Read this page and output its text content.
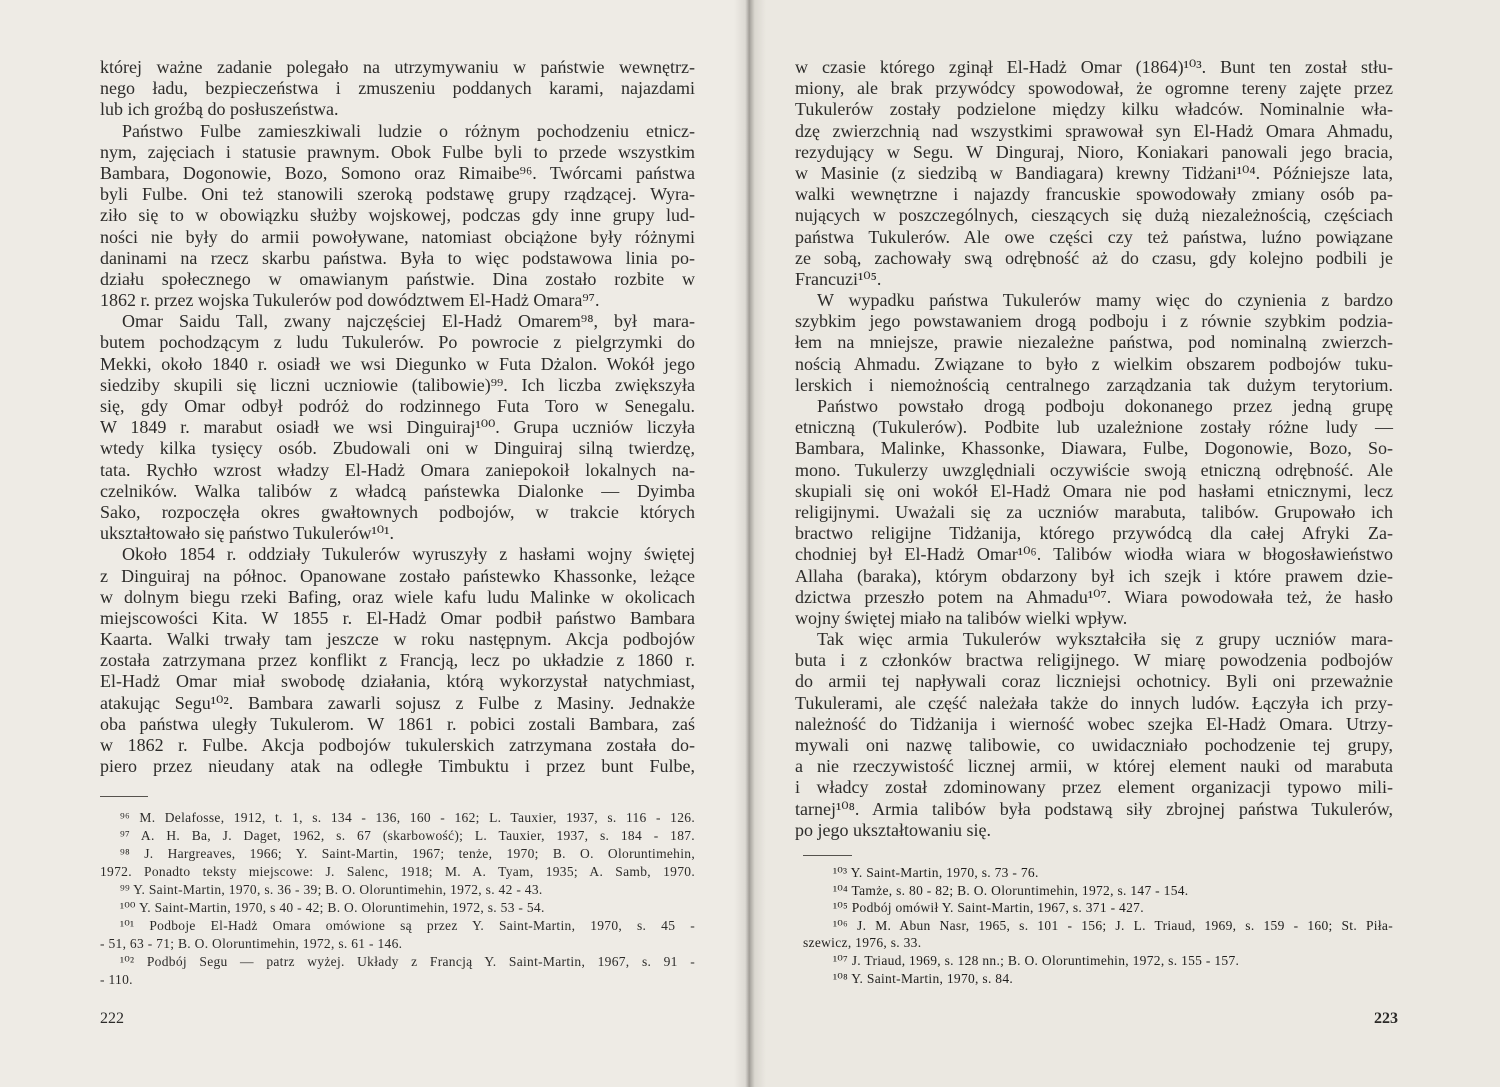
której ważne zadanie polegało na utrzymywaniu w państwie wewnętrz-
nego ładu, bezpieczeństwa i zmuszeniu poddanych karami, najazdami
lub ich groźbą do posłuszeństwa.
Państwo Fulbe zamieszkiwali ludzie o różnym pochodzeniu etnicz-
nym, zajęciach i statusie prawnym. Obok Fulbe byli to przede wszystkim
Bambara, Dogonowie, Bozo, Somono oraz Rimaibe⁹⁶. Twórcami państwa
byli Fulbe. Oni też stanowili szeroką podstawę grupy rządzącej. Wyra-
ziło się to w obowiązku służby wojskowej, podczas gdy inne grupy lud-
ności nie były do armii powoływane, natomiast obciążone były różnymi
daninami na rzecz skarbu państwa. Była to więc podstawowa linia po-
działu społecznego w omawianym państwie. Dina zostało rozbite w
1862 r. przez wojska Tukulerów pod dowództwem El-Hadż Omara⁹⁷.
Omar Saidu Tall, zwany najczęściej El-Hadż Omarem⁹⁸, był mara-
butem pochodzącym z ludu Tukulerów. Po powrocie z pielgrzymki do
Mekki, około 1840 r. osiadł we wsi Diegunko w Futa Dżalon. Wokół jego
siedziby skupili się liczni uczniowie (talibowie)⁹⁹. Ich liczba zwiększyła
się, gdy Omar odbył podróż do rodzinnego Futa Toro w Senegalu.
W 1849 r. marabut osiadł we wsi Dinguiraj¹⁰⁰. Grupa uczniów liczyła
wtedy kilka tysięcy osób. Zbudowali oni w Dinguiraj silną twierdzę,
tata. Rychło wzrost władzy El-Hadż Omara zaniepokoił lokalnych na-
czelników. Walka talibów z władcą państewka Dialonke — Dyimba
Sako, rozpoczęła okres gwałtownych podbojów, w trakcie których
ukształtowało się państwo Tukulerów¹⁰¹.
Około 1854 r. oddziały Tukulerów wyruszyły z hasłami wojny świętej
z Dinguiraj na północ. Opanowane zostało państewko Khassonke, leżące
w dolnym biegu rzeki Bafing, oraz wiele kafu ludu Malinke w okolicach
miejscowości Kita. W 1855 r. El-Hadż Omar podbił państwo Bambara
Kaarta. Walki trwały tam jeszcze w roku następnym. Akcja podbojów
została zatrzymana przez konflikt z Francją, lecz po układzie z 1860 r.
El-Hadż Omar miał swobodę działania, którą wykorzystał natychmiast,
atakując Segu¹⁰². Bambara zawarli sojusz z Fulbe z Masiny. Jednakże
oba państwa uległy Tukulerom. W 1861 r. pobici zostali Bambara, zaś
w 1862 r. Fulbe. Akcja podbojów tukulerskich zatrzymana została do-
piero przez nieudany atak na odległe Timbuktu i przez bunt Fulbe,
⁹⁶ M. Delafosse, 1912, t. 1, s. 134 - 136, 160 - 162; L. Tauxier, 1937, s. 116 - 126.
⁹⁷ A. H. Ba, J. Daget, 1962, s. 67 (skarbowość); L. Tauxier, 1937, s. 184 - 187.
⁹⁸ J. Hargreaves, 1966; Y. Saint-Martin, 1967; tenże, 1970; B. O. Oloruntimehin,
1972. Ponadto teksty miejscowe: J. Salenc, 1918; M. A. Tyam, 1935; A. Samb, 1970.
⁹⁹ Y. Saint-Martin, 1970, s. 36 - 39; B. O. Oloruntimehin, 1972, s. 42 - 43.
¹⁰⁰ Y. Saint-Martin, 1970, s 40 - 42; B. O. Oloruntimehin, 1972, s. 53 - 54.
¹⁰¹ Podboje El-Hadż Omara omówione są przez Y. Saint-Martin, 1970, s. 45 -
- 51, 63 - 71; B. O. Oloruntimehin, 1972, s. 61 - 146.
¹⁰² Podbój Segu — patrz wyżej. Układy z Francją Y. Saint-Martin, 1967, s. 91 -
- 110.
222
w czasie którego zginął El-Hadż Omar (1864)¹⁰³. Bunt ten został stłu-
miony, ale brak przywódcy spowodował, że ogromne tereny zajęte przez
Tukulerów zostały podzielone między kilku władców. Nominalnie wła-
dzę zwierzchnią nad wszystkimi sprawował syn El-Hadż Omara Ahmadu,
rezydujący w Segu. W Dinguraj, Nioro, Koniakari panowali jego bracia,
w Masinie (z siedzibą w Bandiagara) krewny Tidżani¹⁰⁴. Późniejsze lata,
walki wewnętrzne i najazdy francuskie spowodowały zmiany osób pa-
nujących w poszczególnych, cieszących się dużą niezależnością, częściach
państwa Tukulerów. Ale owe części czy też państwa, luźno powiązane
ze sobą, zachowały swą odrębność aż do czasu, gdy kolejno podbili je
Francuzi¹⁰⁵.
W wypadku państwa Tukulerów mamy więc do czynienia z bardzo
szybkim jego powstawaniem drogą podboju i z równie szybkim podzia-
łem na mniejsze, prawie niezależne państwa, pod nominalną zwierzch-
nością Ahmadu. Związane to było z wielkim obszarem podbojów tuku-
lerskich i niemożnością centralnego zarządzania tak dużym terytorium.
Państwo powstało drogą podboju dokonanego przez jedną grupę
etniczną (Tukulerów). Podbite lub uzależnione zostały różne ludy —
Bambara, Malinke, Khassonke, Diawara, Fulbe, Dogonowie, Bozo, So-
mono. Tukulerzy uwzględniali oczywiście swoją etniczną odrębność. Ale
skupiali się oni wokół El-Hadż Omara nie pod hasłami etnicznymi, lecz
religijnymi. Uważali się za uczniów marabuta, talibów. Grupowało ich
bractwo religijne Tidżanija, którego przywódcą dla całej Afryki Za-
chodniej był El-Hadż Omar¹⁰⁶. Talibów wiodła wiara w błogosławieństwo
Allaha (baraka), którym obdarzony był ich szejk i które prawem dzie-
dzictwa przeszło potem na Ahmadu¹⁰⁷. Wiara powodowała też, że hasło
wojny świętej miało na talibów wielki wpływ.
Tak więc armia Tukulerów wykształciła się z grupy uczniów mara-
buta i z członków bractwa religijnego. W miarę powodzenia podbojów
do armii tej napływali coraz liczniejsi ochotnicy. Byli oni przeważnie
Tukulerami, ale część należała także do innych ludów. Łączyła ich przy-
należność do Tidżanija i wierność wobec szejka El-Hadż Omara. Utrzy-
mywali oni nazwę talibowie, co uwidaczniało pochodzenie tej grupy,
a nie rzeczywistość licznej armii, w której element nauki od marabuta
i władcy został zdominowany przez element organizacji typowo mili-
tarnej¹⁰⁸. Armia talibów była podstawą siły zbrojnej państwa Tukulerów,
po jego ukształtowaniu się.
¹⁰³ Y. Saint-Martin, 1970, s. 73 - 76.
¹⁰⁴ Tamże, s. 80 - 82; B. O. Oloruntimehin, 1972, s. 147 - 154.
¹⁰⁵ Podbój omówił Y. Saint-Martin, 1967, s. 371 - 427.
¹⁰⁶ J. M. Abun Nasr, 1965, s. 101 - 156; J. L. Triaud, 1969, s. 159 - 160; St. Piła-
szewicz, 1976, s. 33.
¹⁰⁷ J. Triaud, 1969, s. 128 nn.; B. O. Oloruntimehin, 1972, s. 155 - 157.
¹⁰⁸ Y. Saint-Martin, 1970, s. 84.
223
